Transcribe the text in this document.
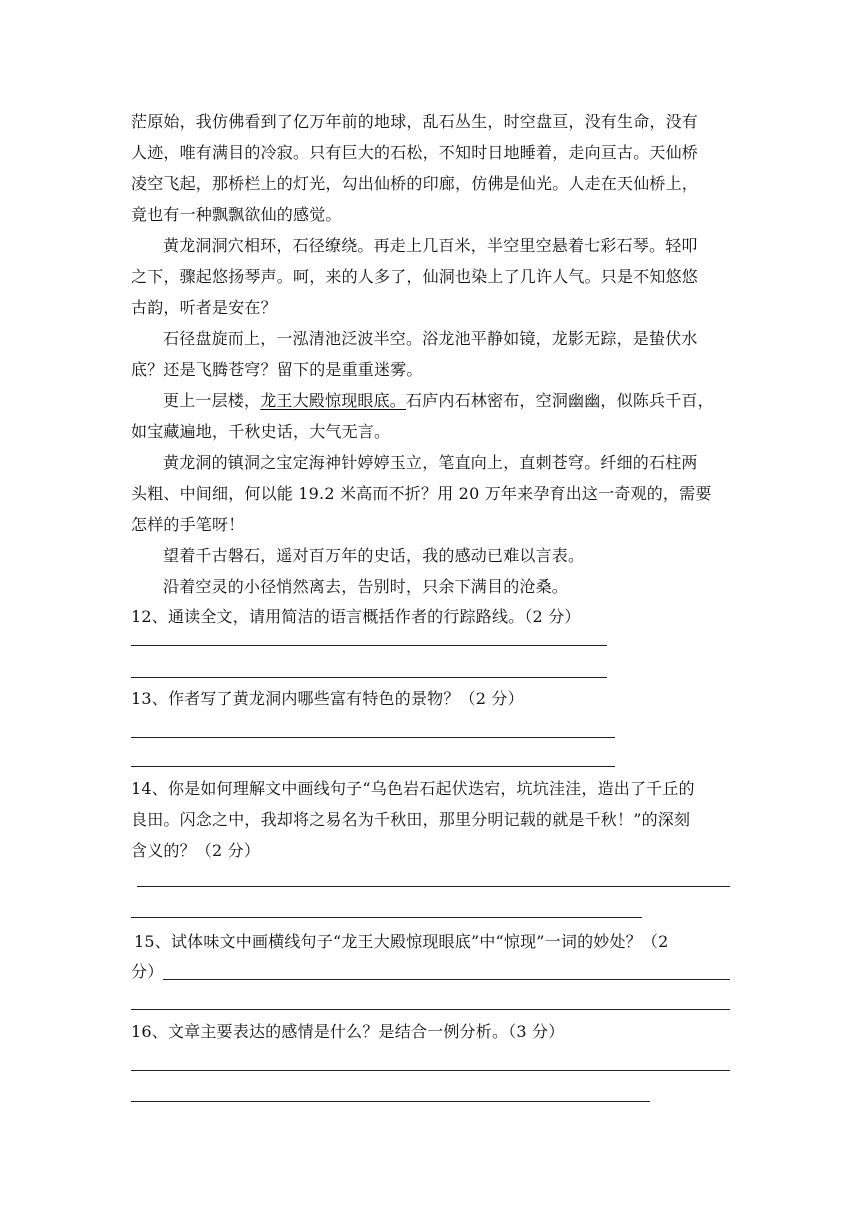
茫原始，我仿佛看到了亿万年前的地球，乱石丛生，时空盘亘，没有生命，没有
人迹，唯有满目的冷寂。只有巨大的石松，不知时日地睡着，走向亘古。天仙桥
凌空飞起，那桥栏上的灯光，勾出仙桥的印廊，仿佛是仙光。人走在天仙桥上，
竟也有一种飘飘欲仙的感觉。
黄龙洞洞穴相环，石径缭绕。再走上几百米，半空里空悬着七彩石琴。轻叩
之下，骤起悠扬琴声。呵，来的人多了，仙洞也染上了几许人气。只是不知悠悠
古韵，听者是安在？
石径盘旋而上，一泓清池泛波半空。浴龙池平静如镜，龙影无踪，是蛰伏水
底？还是飞腾苍穹？留下的是重重迷雾。
更上一层楼，龙王大殿惊现眼底。石庐内石林密布，空洞幽幽，似陈兵千百，
如宝藏遍地，千秋史话，大气无言。
黄龙洞的镇洞之宝定海神针婷婷玉立，笔直向上，直刺苍穹。纤细的石柱两
头粗、中间细，何以能 19.2 米高而不折？用 20 万年来孕育出这一奇观的，需要
怎样的手笔呀！
望着千古磐石，遥对百万年的史话，我的感动已难以言表。
沿着空灵的小径悄然离去，告别时，只余下满目的沧桑。
12、通读全文，请用简洁的语言概括作者的行踪路线。（2 分）
13、作者写了黄龙洞内哪些富有特色的景物？（2 分）
14、你是如何理解文中画线句子“乌色岩石起伏迭宕，坑坑洼洼，造出了千丘的
良田。闪念之中，我却将之易名为千秋田，那里分明记载的就是千秋！”的深刻
含义的？（2 分）
15、试体味文中画横线句子“龙王大殿惊现眼底”中“惊现”一词的妙处？（2
分）
16、文章主要表达的感情是什么？是结合一例分析。（3 分）
